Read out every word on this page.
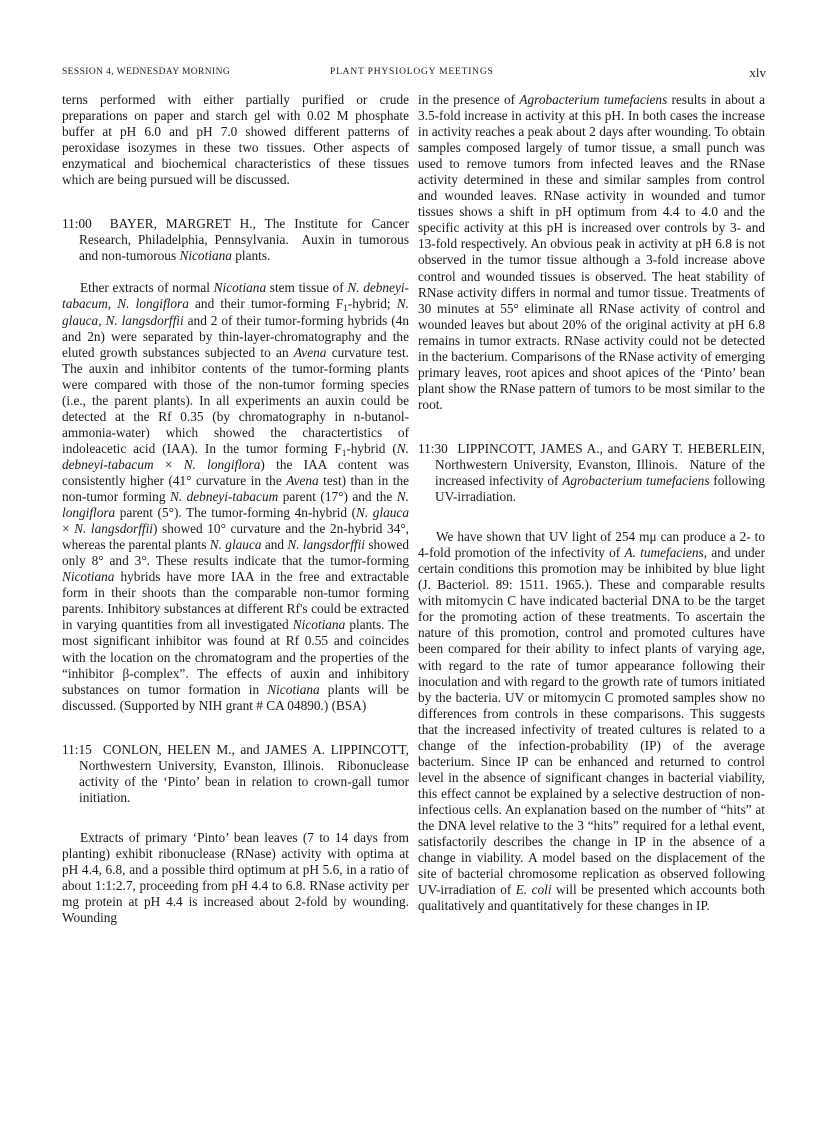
SESSION 4, WEDNESDAY MORNING	PLANT PHYSIOLOGY MEETINGS	xlv

terns performed with either partially purified or crude preparations on paper and starch gel with 0.02 M phosphate buffer at pH 6.0 and pH 7.0 showed different patterns of peroxidase isozymes in these two tissues. Other aspects of enzymatical and biochemical characteristics of these tissues which are being pursued will be discussed.

11:00 BAYER, MARGRET H., The Institute for Cancer Research, Philadelphia, Pennsylvania. Auxin in tumorous and non-tumorous Nicotiana plants.

Ether extracts of normal Nicotiana stem tissue of N. debneyi-tabacum, N. longiflora and their tumor-forming $F_1$-hybrid; N. glauca, N. langsdorffii and 2 of their tumor-forming hybrids (4n and 2n) were separated by thin-layer-chromatography and the eluted growth substances subjected to an Avena curvature test. The auxin and inhibitor contents of the tumor-forming plants were compared with those of the non-tumor forming species (i.e., the parent plants). In all experiments an auxin could be detected at the Rf 0.35 (by chromatography in n-butanol-ammonia-water) which showed the charactertistics of indoleacetic acid (IAA). In the tumor forming $F_1$-hybrid (N. debneyi-tabacum × N. longiflora) the IAA content was consistently higher (41° curvature in the Avena test) than in the non-tumor forming N. debneyi-tabacum parent (17°) and the N. longiflora parent (5°). The tumor-forming 4n-hybrid (N. glauca × N. langsdorffii) showed 10° curvature and the 2n-hybrid 34°, whereas the parental plants N. glauca and N. langsdorffii showed only 8° and 3°. These results indicate that the tumor-forming Nicotiana hybrids have more IAA in the free and extractable form in their shoots than the comparable non-tumor forming parents. Inhibitory substances at different Rf's could be extracted in varying quantities from all investigated Nicotiana plants. The most significant inhibitor was found at Rf 0.55 and coincides with the location on the chromatogram and the properties of the “inhibitor β-complex”. The effects of auxin and inhibitory substances on tumor formation in Nicotiana plants will be discussed. (Supported by NIH grant # CA 04890.) (BSA)

11:15 CONLON, HELEN M., and JAMES A. LIPPINCOTT, Northwestern University, Evanston, Illinois. Ribonuclease activity of the ‘Pinto’ bean in relation to crown-gall tumor initiation.

Extracts of primary ‘Pinto’ bean leaves (7 to 14 days from planting) exhibit ribonuclease (RNase) activity with optima at pH 4.4, 6.8, and a possible third optimum at pH 5.6, in a ratio of about 1:1:2.7, proceeding from pH 4.4 to 6.8. RNase activity per mg protein at pH 4.4 is increased about 2-fold by wounding. Wounding

in the presence of Agrobacterium tumefaciens results in about a 3.5-fold increase in activity at this pH. In both cases the increase in activity reaches a peak about 2 days after wounding. To obtain samples composed largely of tumor tissue, a small punch was used to remove tumors from infected leaves and the RNase activity determined in these and similar samples from control and wounded leaves. RNase activity in wounded and tumor tissues shows a shift in pH optimum from 4.4 to 4.0 and the specific activity at this pH is increased over controls by 3- and 13-fold respectively. An obvious peak in activity at pH 6.8 is not observed in the tumor tissue although a 3-fold increase above control and wounded tissues is observed. The heat stability of RNase activity differs in normal and tumor tissue. Treatments of 30 minutes at 55° eliminate all RNase activity of control and wounded leaves but about 20% of the original activity at pH 6.8 remains in tumor extracts. RNase activity could not be detected in the bacterium. Comparisons of the RNase activity of emerging primary leaves, root apices and shoot apices of the ‘Pinto’ bean plant show the RNase pattern of tumors to be most similar to the root.

11:30 LIPPINCOTT, JAMES A., and GARY T. HEBERLEIN, Northwestern University, Evanston, Illinois. Nature of the increased infectivity of Agrobacterium tumefaciens following UV-irradiation.

We have shown that UV light of 254 mμ can produce a 2- to 4-fold promotion of the infectivity of A. tumefaciens, and under certain conditions this promotion may be inhibited by blue light (J. Bacteriol. 89: 1511. 1965.). These and comparable results with mitomycin C have indicated bacterial DNA to be the target for the promoting action of these treatments. To ascertain the nature of this promotion, control and promoted cultures have been compared for their ability to infect plants of varying age, with regard to the rate of tumor appearance following their inoculation and with regard to the growth rate of tumors initiated by the bacteria. UV or mitomycin C promoted samples show no differences from controls in these comparisons. This suggests that the increased infectivity of treated cultures is related to a change of the infection-probability (IP) of the average bacterium. Since IP can be enhanced and returned to control level in the absence of significant changes in bacterial viability, this effect cannot be explained by a selective destruction of non-infectious cells. An explanation based on the number of “hits” at the DNA level relative to the 3 “hits” required for a lethal event, satisfactorily describes the change in IP in the absence of a change in viability. A model based on the displacement of the site of bacterial chromosome replication as observed following UV-irradiation of E. coli will be presented which accounts both qualitatively and quantitatively for these changes in IP.
